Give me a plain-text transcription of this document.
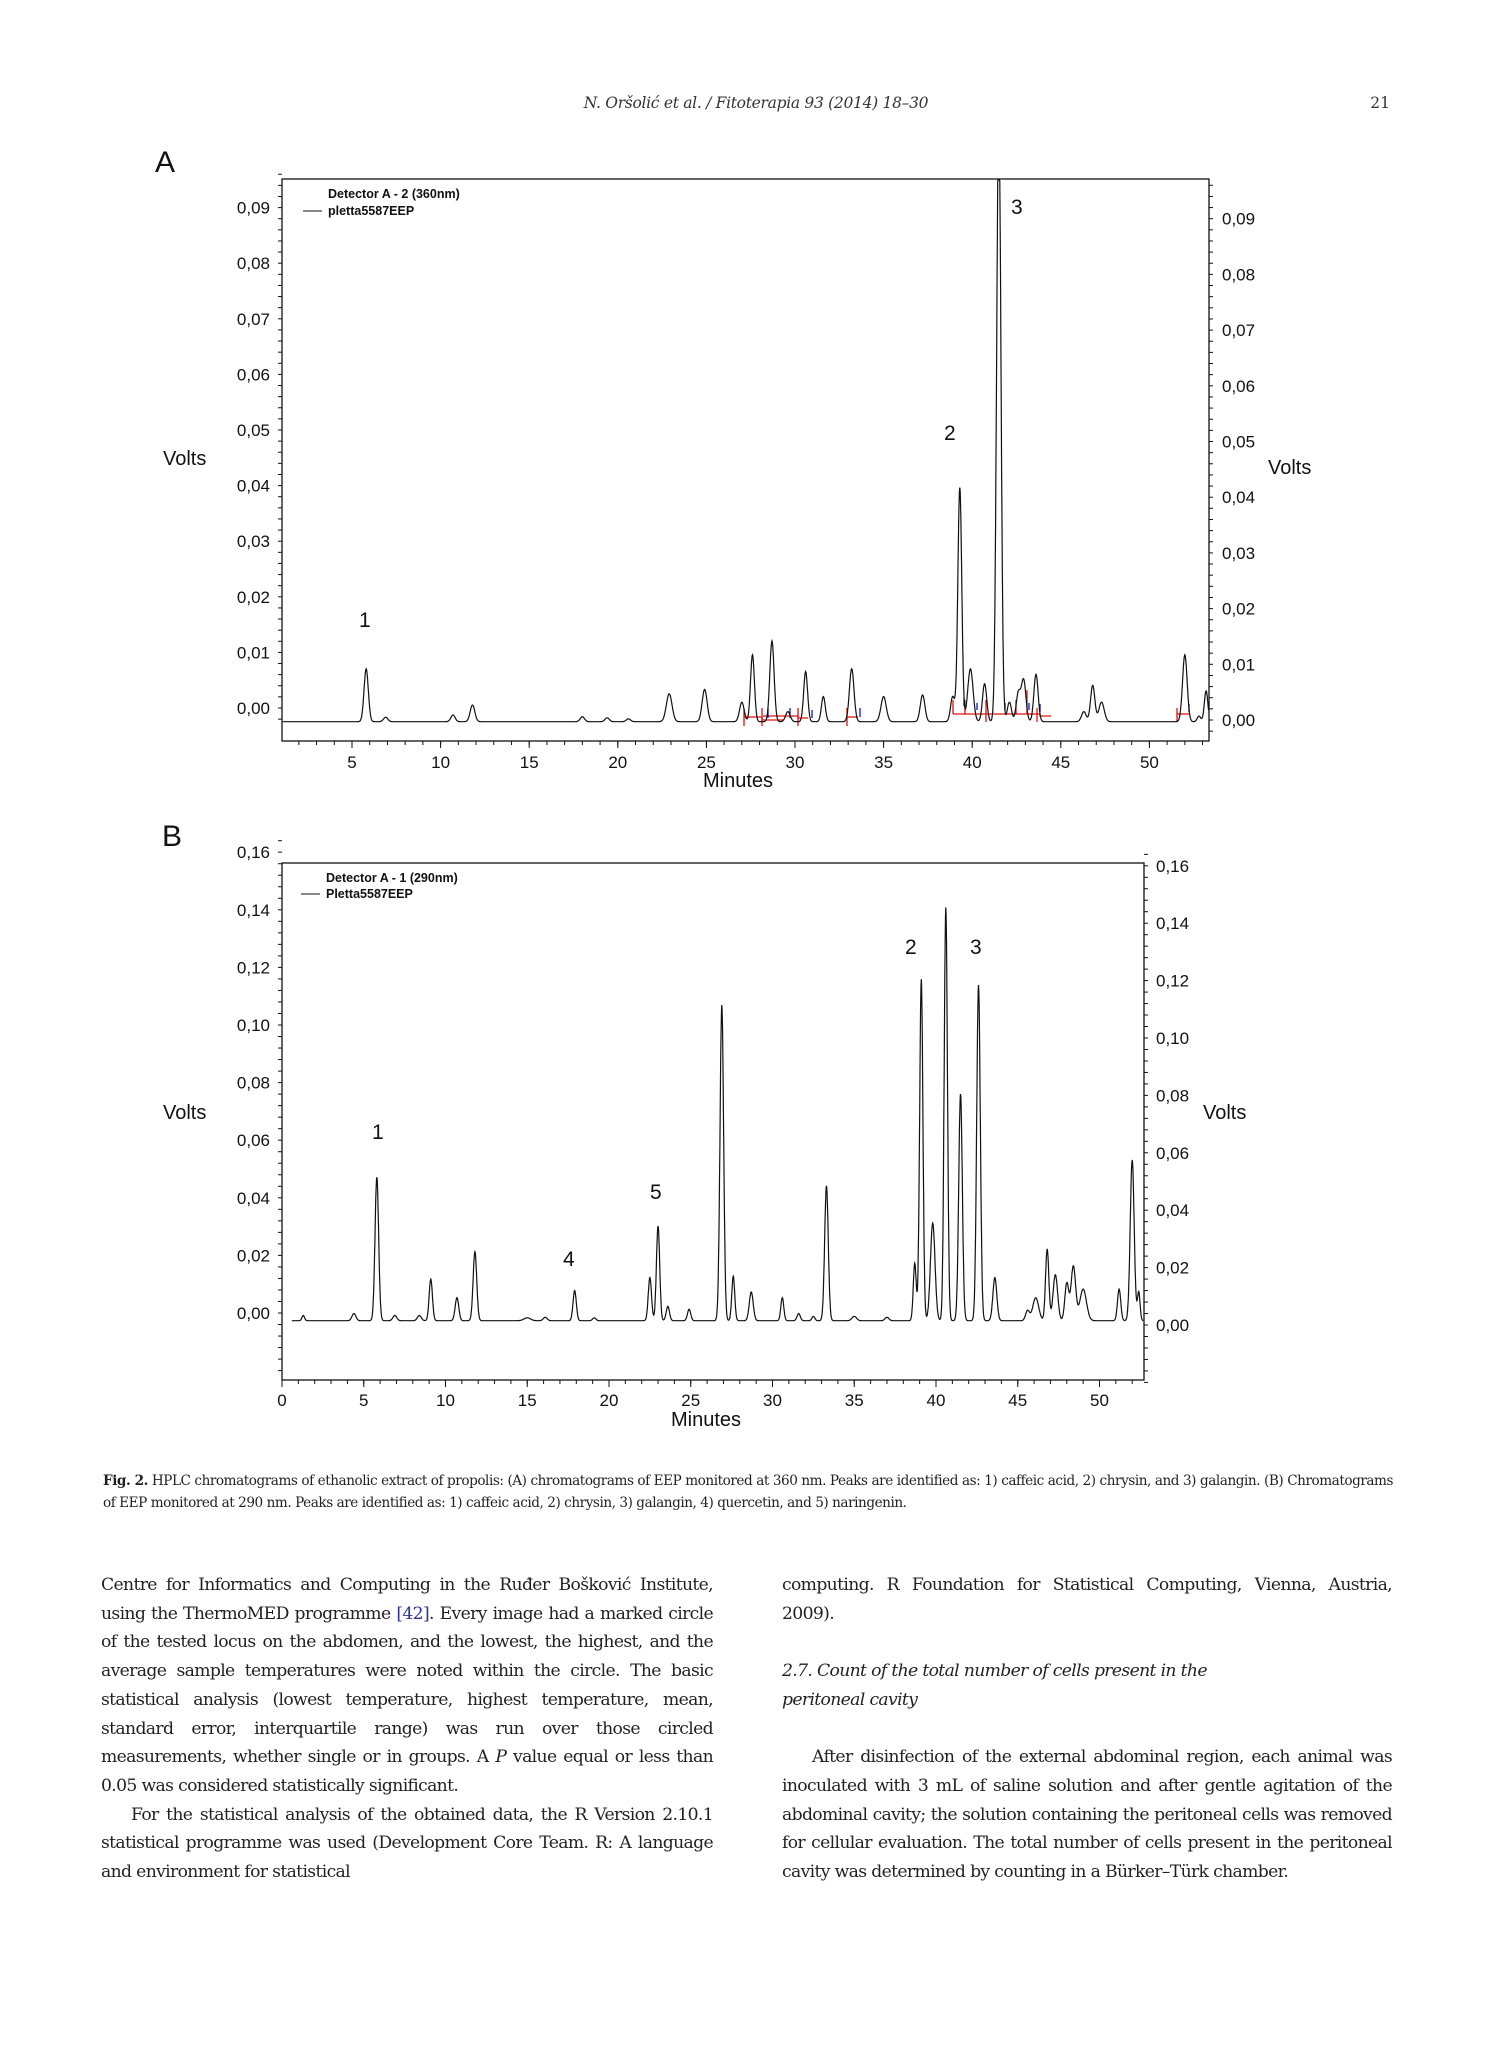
N. Oršolić et al. / Fitoterapia 93 (2014) 18–30	21
A
B
5	10	15	20	25	30	35	40	45	50
0,09
0,08
0,07
0,06
0,05
0,04
0,03
0,02
0,01
0,00
0,09
0,08
0,07
0,06
0,05
0,04
0,03
0,02
0,01
0,00
Detector A - 2 (360nm)
pletta5587EEP
1
2
3
Volts	Volts
Minutes
0	5	10	15	20	25	30	35	40	45	50
0,16
0,14
0,12
0,10
0,08
0,06
0,04
0,02
0,00
0,16
0,14
0,12
0,10
0,08
0,06
0,04
0,02
0,00
Detector A - 1 (290nm)
Pletta5587EEP
1
2	3
4
5
Volts	Volts
Minutes
Fig. 2. HPLC chromatograms of ethanolic extract of propolis: (A) chromatograms of EEP monitored at 360 nm. Peaks are identified as: 1) caffeic acid, 2) chrysin, and 3) galangin. (B) Chromatograms of EEP monitored at 290 nm. Peaks are identified as: 1) caffeic acid, 2) chrysin, 3) galangin, 4) quercetin, and 5) naringenin.

Centre for Informatics and Computing in the Ruđer Bošković Institute, using the ThermoMED programme [42]. Every image had a marked circle of the tested locus on the abdomen, and the lowest, the highest, and the average sample temperatures were noted within the circle. The basic statistical analysis (lowest temperature, highest temperature, mean, standard error, interquartile range) was run over those circled measurements, whether single or in groups. A P value equal or less than 0.05 was considered statistically significant.

For the statistical analysis of the obtained data, the R Version 2.10.1 statistical programme was used (Development Core Team. R: A language and environment for statistical

computing. R Foundation for Statistical Computing, Vienna, Austria, 2009).

2.7. Count of the total number of cells present in the peritoneal cavity

After disinfection of the external abdominal region, each animal was inoculated with 3 mL of saline solution and after gentle agitation of the abdominal cavity; the solution containing the peritoneal cells was removed for cellular evaluation. The total number of cells present in the peritoneal cavity was determined by counting in a Bürker–Türk chamber.
